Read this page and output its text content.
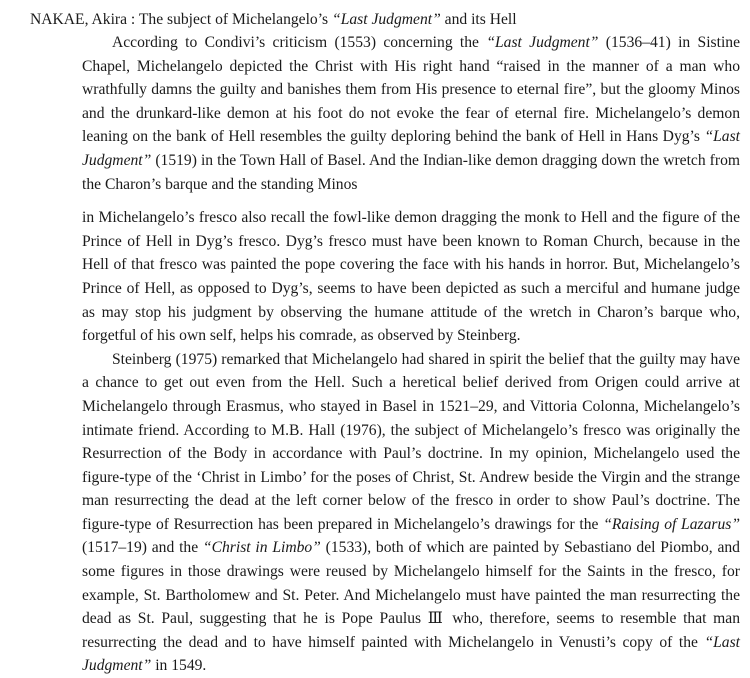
NAKAE, Akira : The subject of Michelangelo’s “Last Judgment” and its Hell

According to Condivi’s criticism (1553) concerning the “Last Judgment” (1536–41) in Sistine Chapel, Michelangelo depicted the Christ with His right hand “raised in the manner of a man who wrathfully damns the guilty and banishes them from His presence to eternal fire”, but the gloomy Minos and the drunkard-like demon at his foot do not evoke the fear of eternal fire. Michelangelo’s demon leaning on the bank of Hell resembles the guilty deploring behind the bank of Hell in Hans Dyg’s “Last Judgment” (1519) in the Town Hall of Basel. And the Indian-like demon dragging down the wretch from the Charon’s barque and the standing Minos

in Michelangelo’s fresco also recall the fowl-like demon dragging the monk to Hell and the figure of the Prince of Hell in Dyg’s fresco. Dyg’s fresco must have been known to Roman Church, because in the Hell of that fresco was painted the pope covering the face with his hands in horror. But, Michelangelo’s Prince of Hell, as opposed to Dyg’s, seems to have been depicted as such a merciful and humane judge as may stop his judgment by observing the humane attitude of the wretch in Charon’s barque who, forgetful of his own self, helps his comrade, as observed by Steinberg.

Steinberg (1975) remarked that Michelangelo had shared in spirit the belief that the guilty may have a chance to get out even from the Hell. Such a heretical belief derived from Origen could arrive at Michelangelo through Erasmus, who stayed in Basel in 1521–29, and Vittoria Colonna, Michelangelo’s intimate friend. According to M.B. Hall (1976), the subject of Michelangelo’s fresco was originally the Resurrection of the Body in accordance with Paul’s doctrine. In my opinion, Michelangelo used the figure-type of the ‘Christ in Limbo’ for the poses of Christ, St. Andrew beside the Virgin and the strange man resurrecting the dead at the left corner below of the fresco in order to show Paul’s doctrine. The figure-type of Resurrection has been prepared in Michelangelo’s drawings for the “Raising of Lazarus” (1517–19) and the “Christ in Limbo” (1533), both of which are painted by Sebastiano del Piombo, and some figures in those drawings were reused by Michelangelo himself for the Saints in the fresco, for example, St. Bartholomew and St. Peter. And Michelangelo must have painted the man resurrecting the dead as St. Paul, suggesting that he is Pope Paulus Ⅲ who, therefore, seems to resemble that man resurrecting the dead and to have himself painted with Michelangelo in Venusti’s copy of the “Last Judgment” in 1549.
